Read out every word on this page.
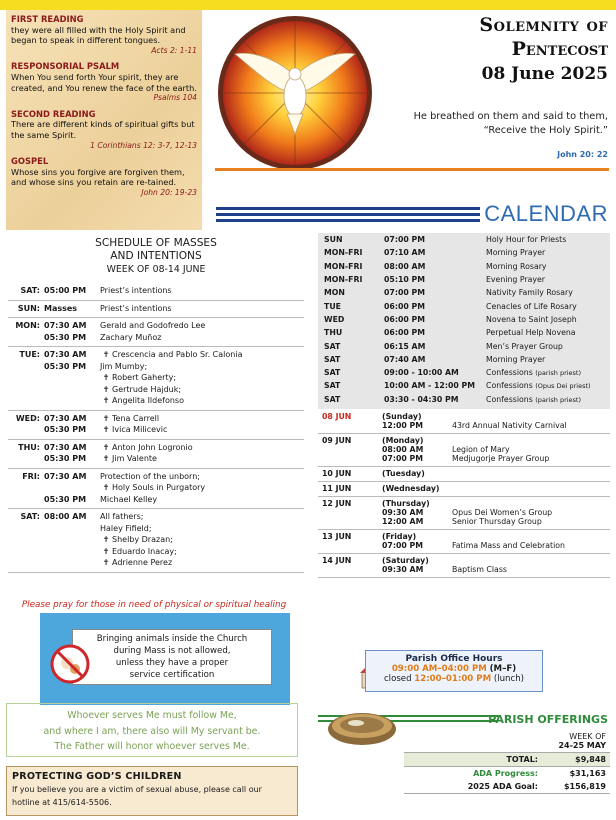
FIRST READING
they were all filled with the Holy Spirit and began to speak in different tongues.
Acts 2: 1-11
RESPONSORIAL PSALM
When You send forth Your spirit, they are created, and You renew the face of the earth.
Psalms 104
SECOND READING
There are different kinds of spiritual gifts but the same Spirit.
1 Corinthians 12: 3-7, 12-13
GOSPEL
Whose sins you forgive are forgiven them, and whose sins you retain are re-tained.
John 20: 19-23
Solemnity of
Pentecost
08 June 2025
He breathed on them and said to them,
“Receive the Holy Spirit.”
John 20: 22
CALENDAR
SUN	07:00 PM	Holy Hour for Priests
MON-FRI	07:10 AM	Morning Prayer
MON-FRI	08:00 AM	Morning Rosary
MON-FRI	05:10 PM	Evening Prayer
MON	07:00 PM	Nativity Family Rosary
TUE	06:00 PM	Cenacles of Life Rosary
WED	06:00 PM	Novena to Saint Joseph
THU	06:00 PM	Perpetual Help Novena
SAT	06:15 AM	Men’s Prayer Group
SAT	07:40 AM	Morning Prayer
SAT	09:00 - 10:00 AM	Confessions (parish priest)
SAT	10:00 AM - 12:00 PM	Confessions (Opus Dei priest)
SAT	03:30 - 04:30 PM	Confessions (parish priest)
08 JUN	(Sunday)
12:00 PM	43rd Annual Nativity Carnival
09 JUN	(Monday)
08:00 AM	Legion of Mary
07:00 PM	Medjugorje Prayer Group
10 JUN	(Tuesday)
11 JUN	(Wednesday)
12 JUN	(Thursday)
09:30 AM	Opus Dei Women’s Group
12:00 AM	Senior Thursday Group
13 JUN	(Friday)
07:00 PM	Fatima Mass and Celebration
14 JUN	(Saturday)
09:30 AM	Baptism Class
Parish Office Hours
09:00 AM–04:00 PM (M–F)
closed 12:00–01:00 PM (lunch)
PARISH OFFERINGS
WEEK OF
24-25 MAY
TOTAL:	$9,848
ADA Progress:	$31,163
2025 ADA Goal:	$156,819
SCHEDULE OF MASSES
AND INTENTIONS
WEEK OF 08-14 JUNE
SAT: 05:00 PM	Priest’s intentions
SUN: Masses	Priest’s intentions
MON: 07:30 AM	Gerald and Godofredo Lee
05:30 PM	Zachary Muñoz
TUE: 07:30 AM	✝ Crescencia and Pablo Sr. Calonia
05:30 PM	Jim Mumby;
✝ Robert Gaherty;
✝ Gertrude Hajduk;
✝ Angelita Ildefonso
WED: 07:30 AM	✝ Tena Carrell
05:30 PM	✝ Ivica Milicevic
THU: 07:30 AM	✝ Anton John Logronio
05:30 PM	✝ Jim Valente
FRI: 07:30 AM	Protection of the unborn;
✝ Holy Souls in Purgatory
05:30 PM	Michael Kelley
SAT: 08:00 AM	All fathers;
Haley Fifield;
✝ Shelby Drazan;
✝ Eduardo Inacay;
✝ Adrienne Perez
Please pray for those in need of physical or spiritual healing
Bringing animals inside the Church
during Mass is not allowed,
unless they have a proper
service certification
Whoever serves Me must follow Me,
and where I am, there also will My servant be.
The Father will honor whoever serves Me.
PROTECTING GOD’S CHILDREN
If you believe you are a victim of sexual abuse, please call our hotline at 415/614-5506.
